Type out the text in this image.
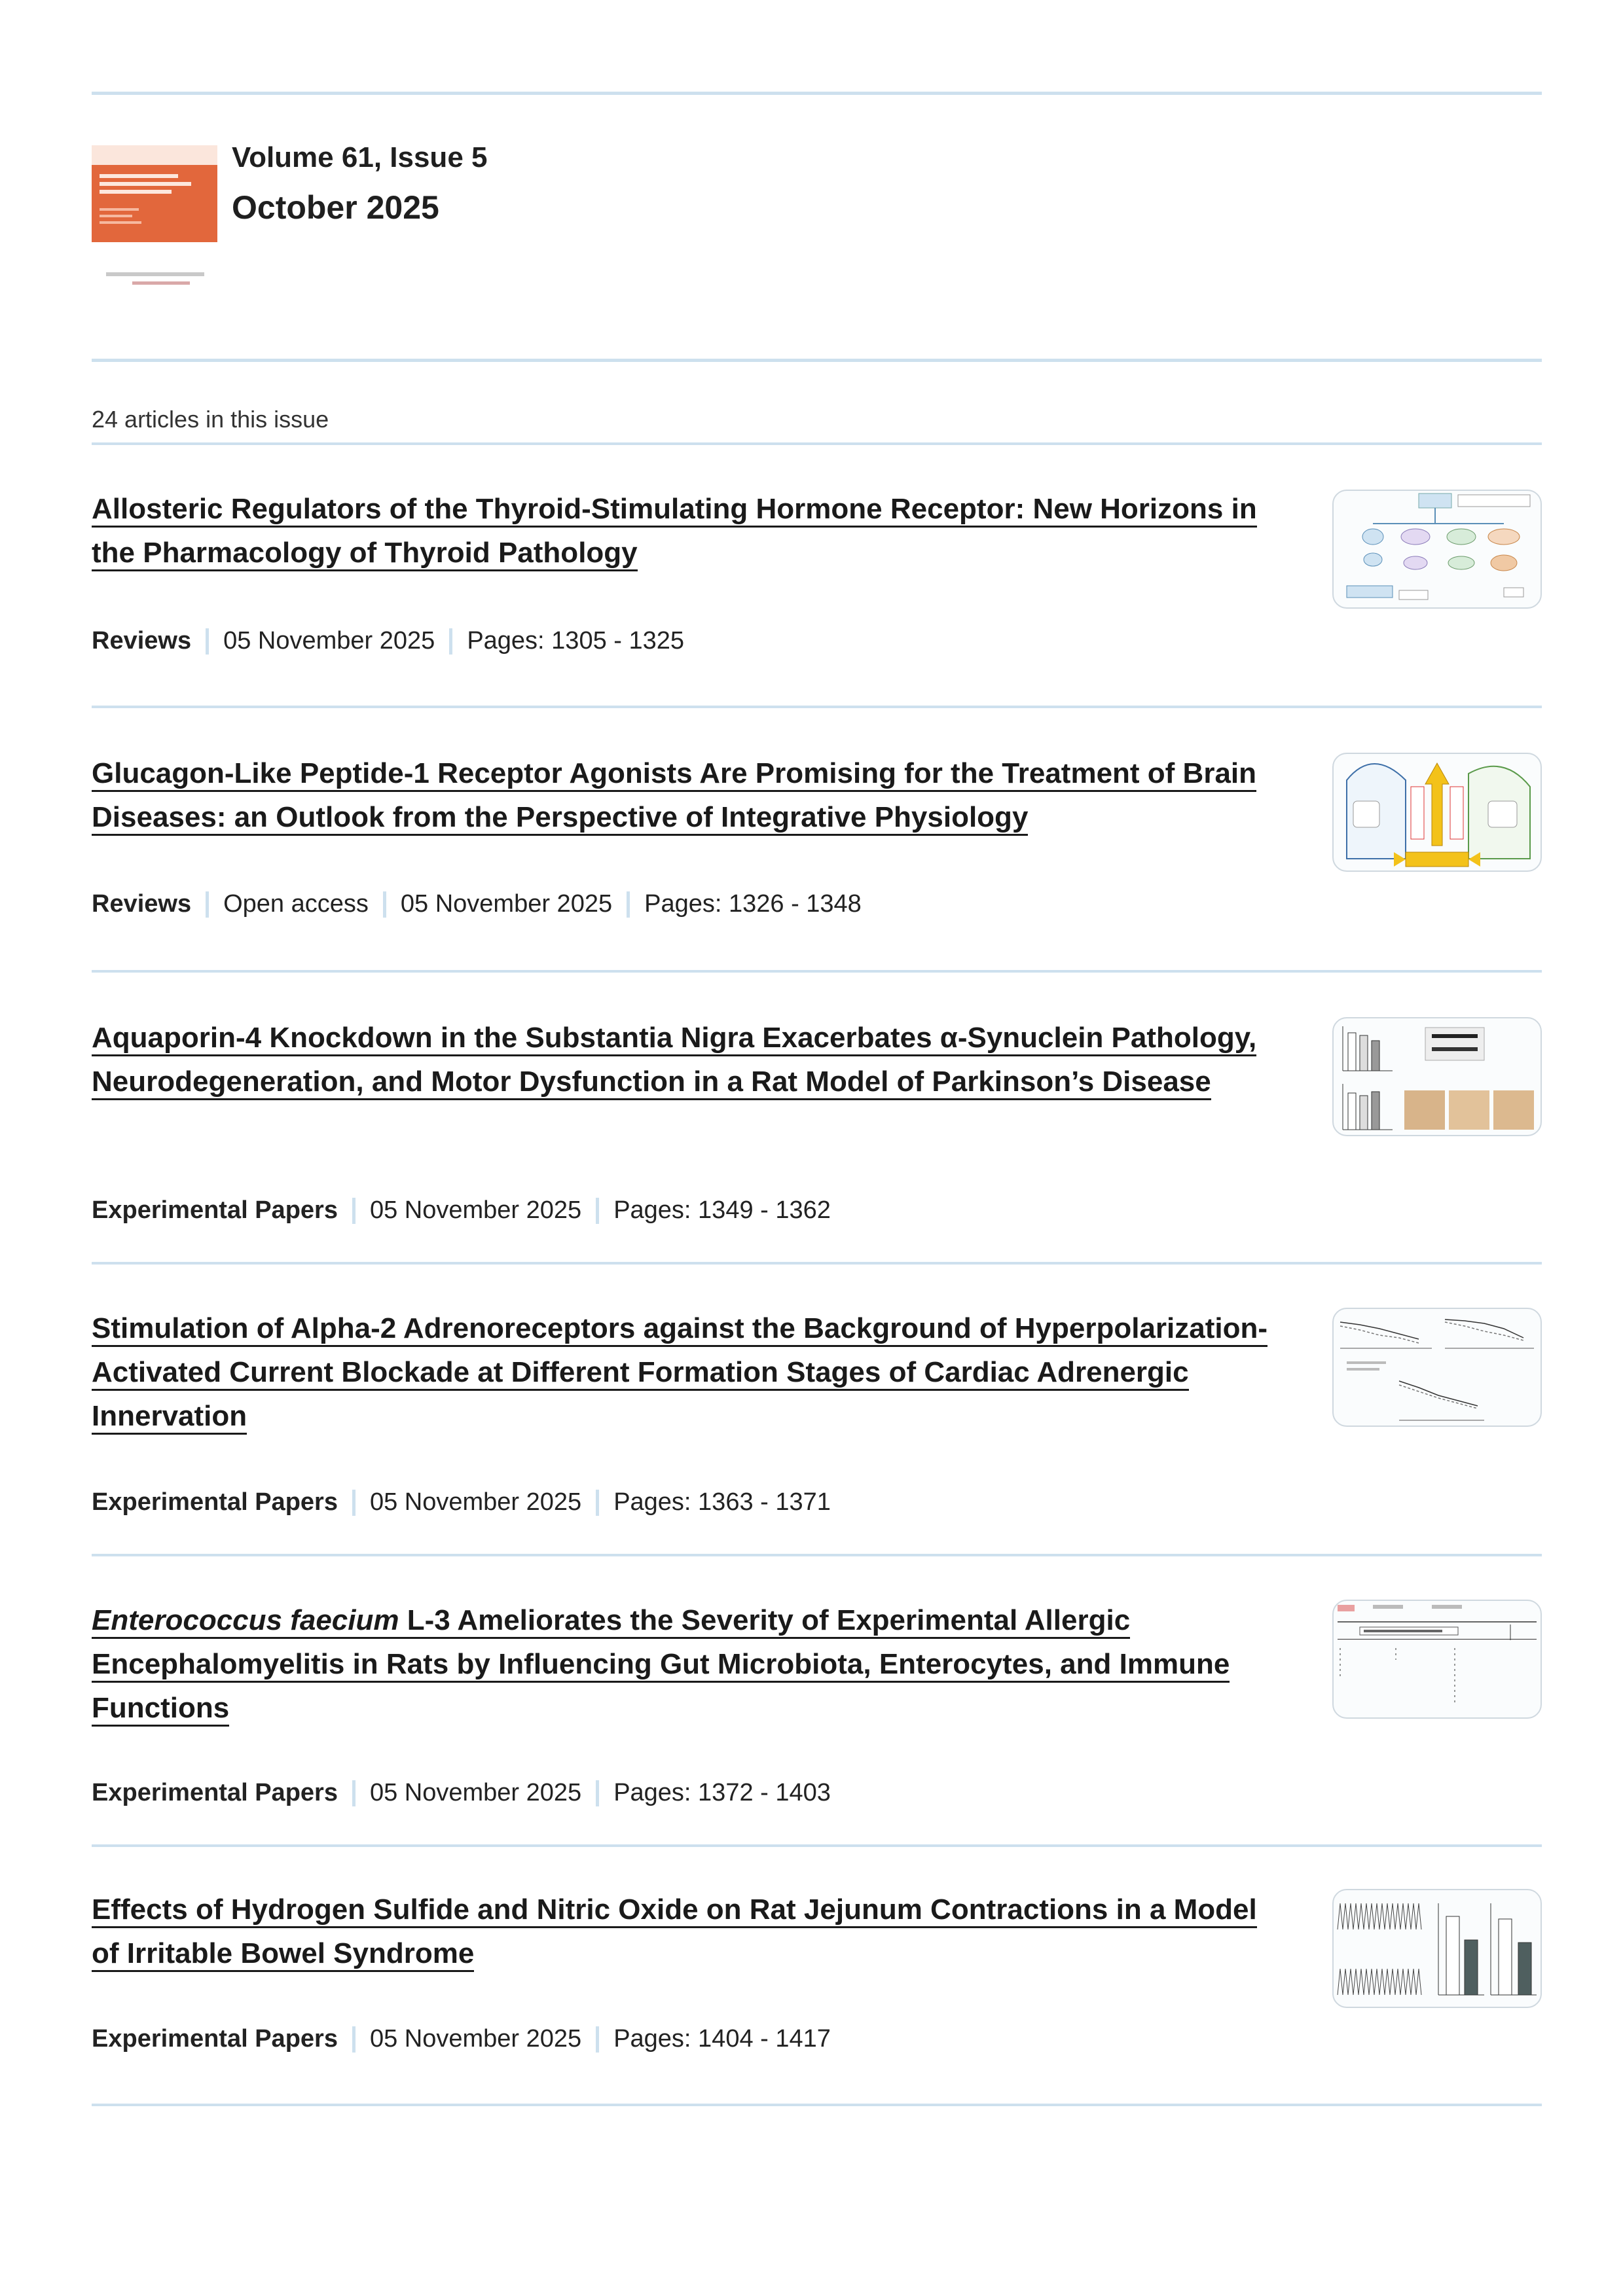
Volume 61, Issue 5
October 2025
24 articles in this issue
Allosteric Regulators of the Thyroid-Stimulating Hormone Receptor: New Horizons in the Pharmacology of Thyroid Pathology
Reviews 05 November 2025 Pages: 1305 - 1325
Glucagon-Like Peptide-1 Receptor Agonists Are Promising for the Treatment of Brain Diseases: an Outlook from the Perspective of Integrative Physiology
Reviews Open access 05 November 2025 Pages: 1326 - 1348
Aquaporin-4 Knockdown in the Substantia Nigra Exacerbates α-Synuclein Pathology, Neurodegeneration, and Motor Dysfunction in a Rat Model of Parkinson’s Disease
Experimental Papers 05 November 2025 Pages: 1349 - 1362
Stimulation of Alpha-2 Adrenoreceptors against the Background of Hyperpolarization-Activated Current Blockade at Different Formation Stages of Cardiac Adrenergic Innervation
Experimental Papers 05 November 2025 Pages: 1363 - 1371
Enterococcus faecium L-3 Ameliorates the Severity of Experimental Allergic Encephalomyelitis in Rats by Influencing Gut Microbiota, Enterocytes, and Immune Functions
Experimental Papers 05 November 2025 Pages: 1372 - 1403
Effects of Hydrogen Sulfide and Nitric Oxide on Rat Jejunum Contractions in a Model of Irritable Bowel Syndrome
Experimental Papers 05 November 2025 Pages: 1404 - 1417
